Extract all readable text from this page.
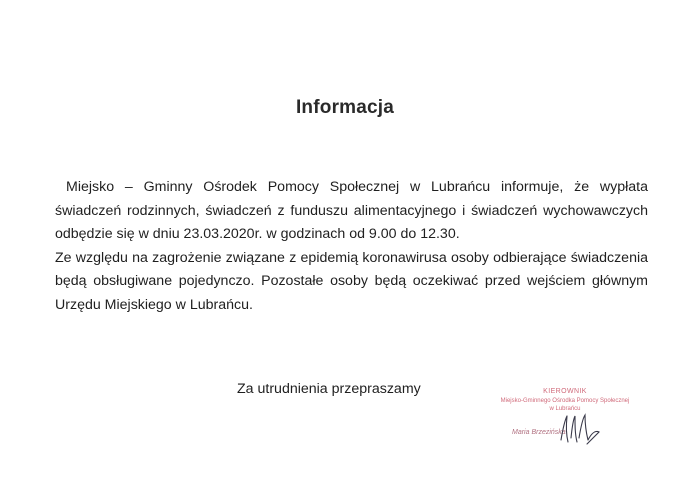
Informacja

Miejsko – Gminny Ośrodek Pomocy Społecznej w Lubrańcu informuje, że wypłata świadczeń rodzinnych, świadczeń z funduszu alimentacyjnego i świadczeń wychowawczych odbędzie się w dniu 23.03.2020r. w godzinach od 9.00 do 12.30.

Ze względu na zagrożenie związane z epidemią koronawirusa osoby odbierające świadczenia będą obsługiwane pojedynczo. Pozostałe osoby będą oczekiwać przed wejściem głównym Urzędu Miejskiego w Lubrańcu.

Za utrudnienia przepraszamy	KIEROWNIK
Miejsko-Gminnego Ośrodka Pomocy Społecznej
w Lubrańcu
Maria Brzezińska
